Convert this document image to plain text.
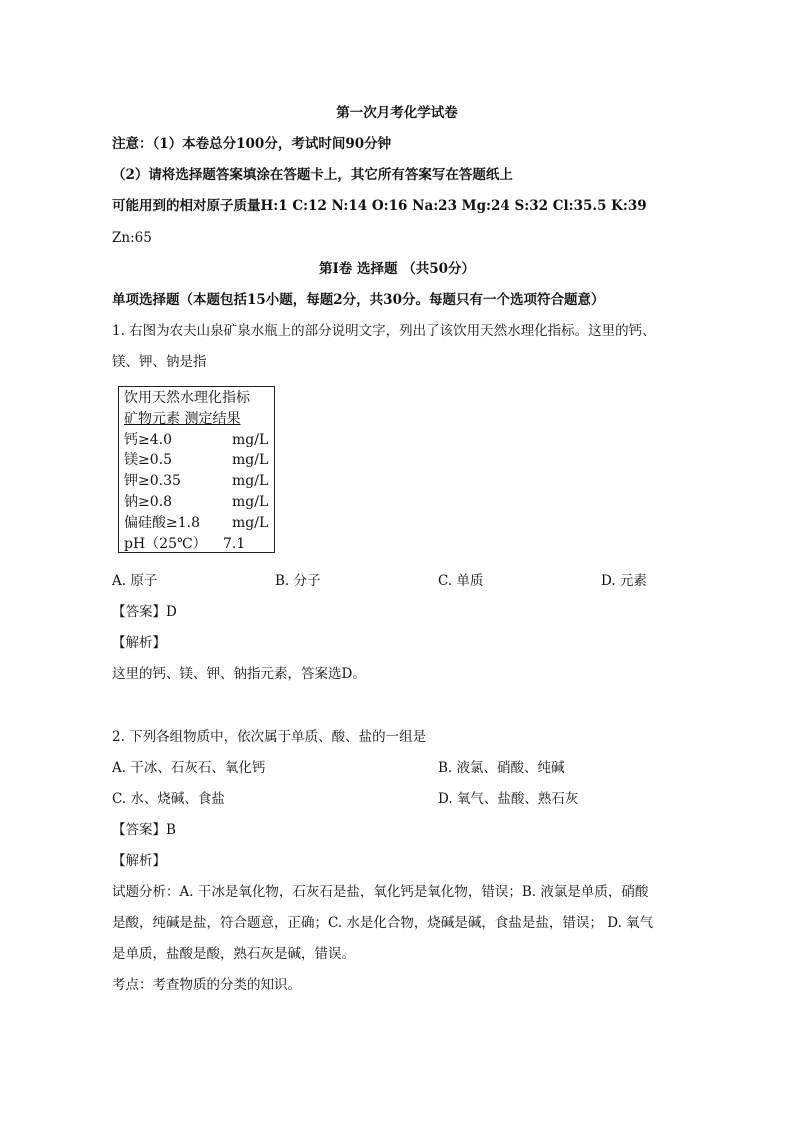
第一次月考化学试卷
注意：（1）本卷总分100分，考试时间90分钟
（2）请将选择题答案填涂在答题卡上，其它所有答案写在答题纸上
可能用到的相对原子质量H:1 C:12 N:14 O:16 Na:23 Mg:24 S:32 Cl:35.5 K:39
Zn:65
第Ⅰ卷 选择题 （共50分）
单项选择题（本题包括15小题，每题2分，共30分。每题只有一个选项符合题意）
1. 右图为农夫山泉矿泉水瓶上的部分说明文字，列出了该饮用天然水理化指标。这里的钙、
镁、钾、钠是指
饮用天然水理化指标
矿物元素 测定结果
钙≥4.0	mg/L
镁≥0.5	mg/L
钾≥0.35	mg/L
钠≥0.8	mg/L
偏硅酸≥1.8 mg/L
pH（25℃） 7.1
A. 原子	B. 分子	C. 单质	D. 元素
【答案】D
【解析】
这里的钙、镁、钾、钠指元素，答案选D。
2. 下列各组物质中，依次属于单质、酸、盐的一组是
A. 干冰、石灰石、氧化钙	B. 液氯、硝酸、纯碱
C. 水、烧碱、食盐	D. 氧气、盐酸、熟石灰
【答案】B
【解析】
试题分析：A. 干冰是氧化物，石灰石是盐，氧化钙是氧化物，错误；B. 液氯是单质，硝酸
是酸，纯碱是盐，符合题意，正确；C. 水是化合物，烧碱是碱，食盐是盐，错误； D. 氧气
是单质，盐酸是酸，熟石灰是碱，错误。
考点：考查物质的分类的知识。
